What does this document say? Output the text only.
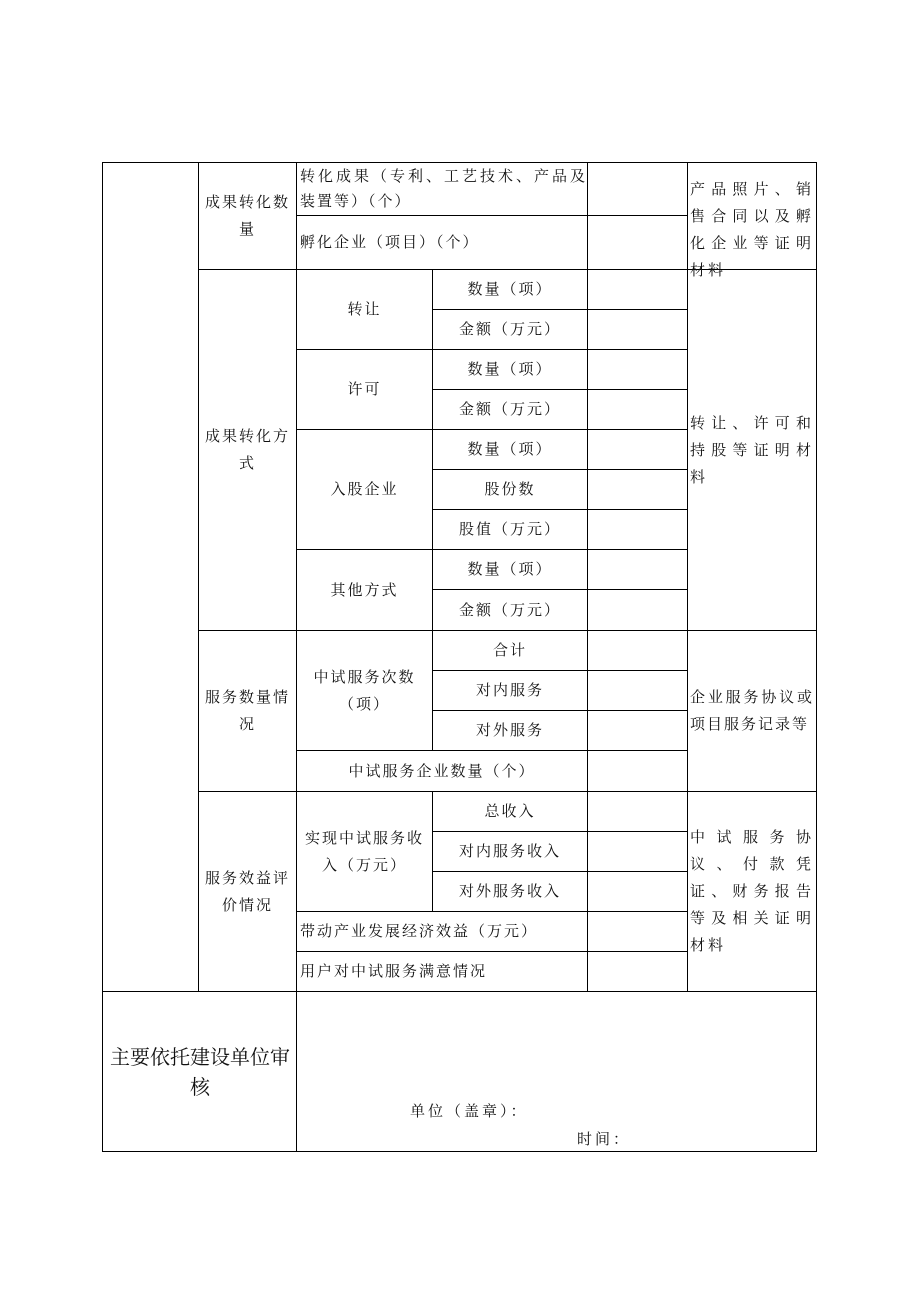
成果转化数量
转化成果（专利、工艺技术、产品及装置等）（个）
孵化企业（项目）（个）
产品照片、销售合同以及孵化企业等证明材料
成果转化方式
转让
数量（项）
金额（万元）
许可
数量（项）
金额（万元）
入股企业
数量（项）
股份数
股值（万元）
其他方式
数量（项）
金额（万元）
转让、许可和持股等证明材料
服务数量情况
中试服务次数（项）
合计
对内服务
对外服务
中试服务企业数量（个）
企业服务协议或项目服务记录等
服务效益评价情况
实现中试服务收入（万元）
总收入
对内服务收入
对外服务收入
带动产业发展经济效益（万元）
用户对中试服务满意情况
中试服务协议、付款凭证、财务报告等及相关证明材料
主要依托建设单位审核
单位（盖章）：
时间：
